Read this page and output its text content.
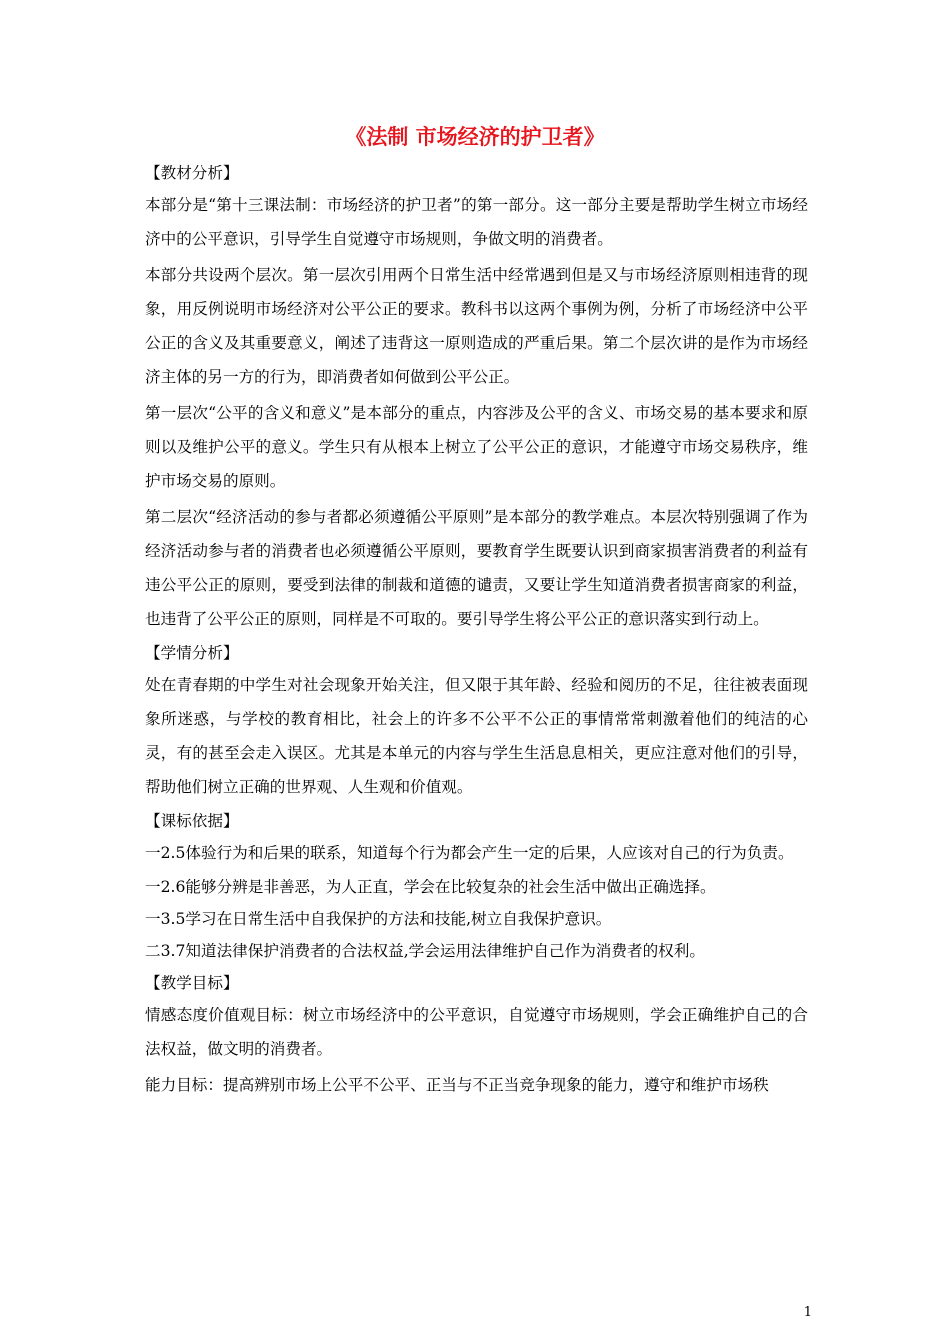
《法制 市场经济的护卫者》
【教材分析】

本部分是“第十三课法制：市场经济的护卫者”的第一部分。这一部分主要是帮助学生树立市场经济中的公平意识，引导学生自觉遵守市场规则，争做文明的消费者。

本部分共设两个层次。第一层次引用两个日常生活中经常遇到但是又与市场经济原则相违背的现象，用反例说明市场经济对公平公正的要求。教科书以这两个事例为例，分析了市场经济中公平公正的含义及其重要意义，阐述了违背这一原则造成的严重后果。第二个层次讲的是作为市场经济主体的另一方的行为，即消费者如何做到公平公正。

第一层次“公平的含义和意义”是本部分的重点，内容涉及公平的含义、市场交易的基本要求和原则以及维护公平的意义。学生只有从根本上树立了公平公正的意识，才能遵守市场交易秩序，维护市场交易的原则。

第二层次“经济活动的参与者都必须遵循公平原则”是本部分的教学难点。本层次特别强调了作为经济活动参与者的消费者也必须遵循公平原则，要教育学生既要认识到商家损害消费者的利益有违公平公正的原则，要受到法律的制裁和道德的谴责，又要让学生知道消费者损害商家的利益，也违背了公平公正的原则，同样是不可取的。要引导学生将公平公正的意识落实到行动上。

【学情分析】

处在青春期的中学生对社会现象开始关注，但又限于其年龄、经验和阅历的不足，往往被表面现象所迷惑，与学校的教育相比，社会上的许多不公平不公正的事情常常刺激着他们的纯洁的心灵，有的甚至会走入误区。尤其是本单元的内容与学生生活息息相关，更应注意对他们的引导，帮助他们树立正确的世界观、人生观和价值观。

【课标依据】

一2.5体验行为和后果的联系，知道每个行为都会产生一定的后果，人应该对自己的行为负责。

一2.6能够分辨是非善恶，为人正直，学会在比较复杂的社会生活中做出正确选择。

一3.5学习在日常生活中自我保护的方法和技能,树立自我保护意识。

二3.7知道法律保护消费者的合法权益,学会运用法律维护自己作为消费者的权利。

【教学目标】

情感态度价值观目标：树立市场经济中的公平意识，自觉遵守市场规则，学会正确维护自己的合法权益，做文明的消费者。

能力目标：提高辨别市场上公平不公平、正当与不正当竞争现象的能力，遵守和维护市场秩

1
